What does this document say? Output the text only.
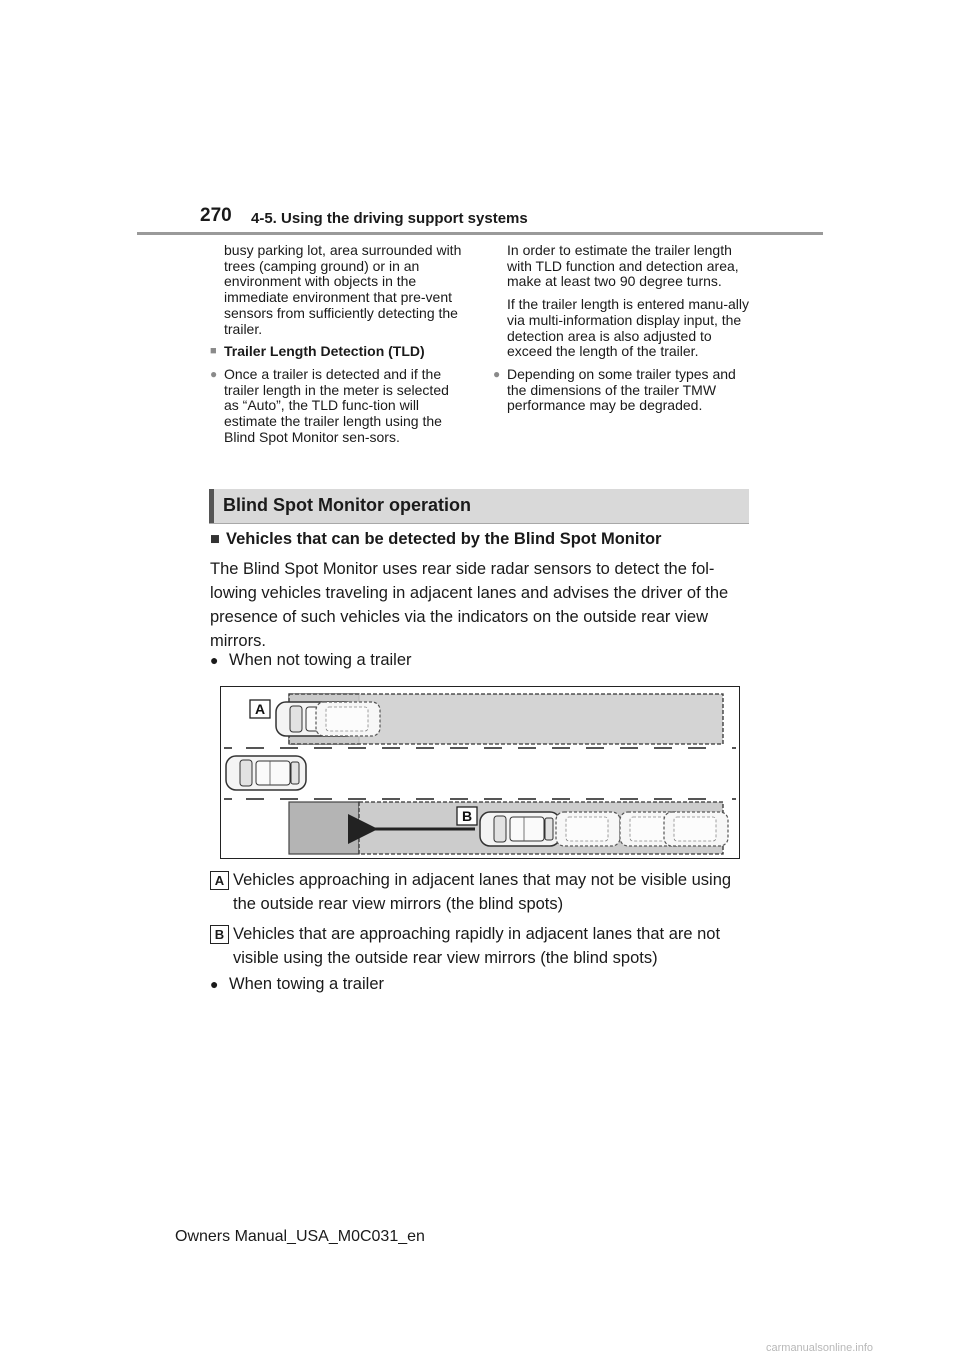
270 4-5. Using the driving support systems

busy parking lot, area surrounded with trees (camping ground) or in an environment with objects in the immediate environment that pre-vent sensors from sufficiently detecting the trailer.

■ Trailer Length Detection (TLD)
● Once a trailer is detected and if the trailer length in the meter is selected as “Auto”, the TLD func-tion will estimate the trailer length using the Blind Spot Monitor sen-sors.

In order to estimate the trailer length with TLD function and detection area, make at least two 90 degree turns.

If the trailer length is entered manu-ally via multi-information display input, the detection area is also adjusted to exceed the length of the trailer.

● Depending on some trailer types and the dimensions of the trailer TMW performance may be degraded.
Blind Spot Monitor operation
■ Vehicles that can be detected by the Blind Spot Monitor
The Blind Spot Monitor uses rear side radar sensors to detect the fol-lowing vehicles traveling in adjacent lanes and advises the driver of the presence of such vehicles via the indicators on the outside rear view mirrors.
● When not towing a trailer
A
B
A Vehicles approaching in adjacent lanes that may not be visible using the outside rear view mirrors (the blind spots)
B Vehicles that are approaching rapidly in adjacent lanes that are not visible using the outside rear view mirrors (the blind spots)
● When towing a trailer
Owners Manual_USA_M0C031_en
carmanualsonline.info
